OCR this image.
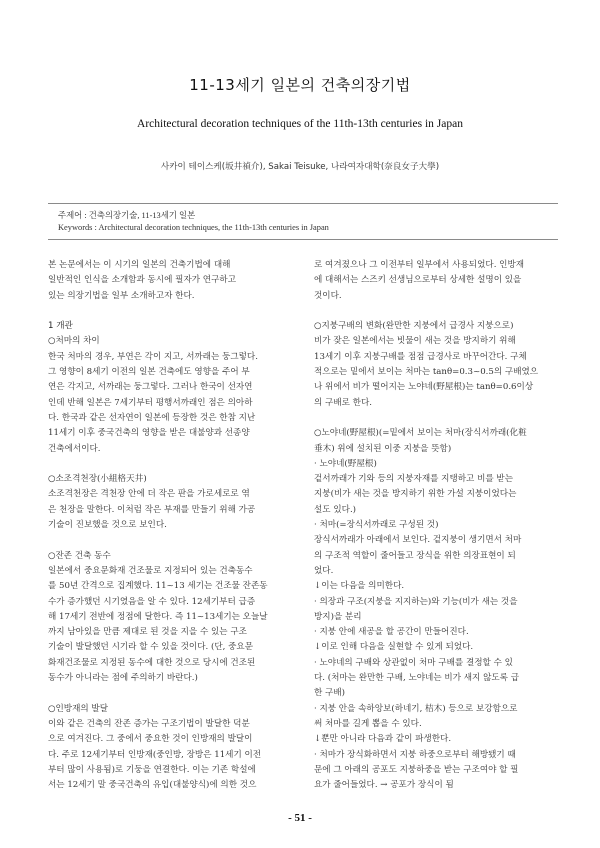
11-13세기 일본의 건축의장기법
Architectural decoration techniques of the 11th-13th centuries in Japan
사카이 테이스케(坂井禎介), Sakai Teisuke, 나라여자대학(奈良女子大學)
주제어 : 건축의장기술, 11-13세기 일본
Keywords : Architectural decoration techniques, the 11th-13th centuries in Japan

본 논문에서는 이 시기의 일본의 건축기법에 대해

일반적인 인식을 소개함과 동시에 필자가 연구하고

있는 의장기법을 일부 소개하고자 한다.

1 개관

○처마의 차이

한국 처마의 경우, 부연은 각이 지고, 서까래는 둥그렇다.

그 영향이 8세기 이전의 일본 건축에도 영향을 주어 부

연은 각지고, 서까래는 둥그렇다. 그러나 한국이 선자연

인데 반해 일본은 7세기부터 평행서까래인 점은 의아하

다. 한국과 같은 선자연이 일본에 등장한 것은 한참 지난

11세기 이후 중국건축의 영향을 받은 대불양과 선종양

건축에서이다.

○소조격천장(小組格天井)

소조격천장은 격천장 안에 더 작은 판을 가로세로로 엮

은 천장을 말한다. 이처럼 작은 부재를 만들기 위해 가공

기술이 진보했을 것으로 보인다.

○잔존 건축 동수

일본에서 중요문화재 건조물로 지정되어 있는 건축동수

를 50년 간격으로 집계했다. 11~13 세기는 건조물 잔존동

수가 증가했던 시기였음을 알 수 있다. 12세기부터 급증

해 17세기 전반에 정점에 달한다. 즉 11~13세기는 오늘날

까지 남아있을 만큼 제대로 된 것을 지을 수 있는 구조

기술이 발달했던 시기라 할 수 있을 것이다. (단, 중요문

화재건조물로 지정된 동수에 대한 것으로 당시에 건조된

동수가 아니라는 점에 주의하기 바란다.)

○인방재의 발달

이와 같은 건축의 잔존 증가는 구조기법이 발달한 덕분

으로 여겨진다. 그 중에서 중요한 것이 인방재의 발달이

다. 주로 12세기부터 인방재(중인방, 장방은 11세기 이전

부터 많이 사용됨)로 기둥을 연결한다. 이는 기존 학설에

서는 12세기 말 중국건축의 유입(대불양식)에 의한 것으

로 여겨졌으나 그 이전부터 일부에서 사용되었다. 인방재

에 대해서는 스즈키 선생님으로부터 상세한 설명이 있을

것이다.

○지붕구배의 변화(완만한 지붕에서 급경사 지붕으로)

비가 잦은 일본에서는 빗물이 새는 것을 방지하기 위해

13세기 이후 지붕구배를 점점 급경사로 바꾸어간다. 구체

적으로는 밑에서 보이는 처마는 tanθ=0.3~0.5의 구배였으

나 위에서 비가 떨어지는 노야네(野屋根)는 tanθ=0.6이상

의 구배로 한다.

○노야네(野屋根)(=밑에서 보이는 처마(장식서까래(化粧

垂木) 위에 설치된 이중 지붕을 뜻함)

· 노야네(野屋根)

겉서까래가 기와 등의 지붕자재를 지탱하고 비를 받는

지붕(비가 새는 것을 방지하기 위한 가설 지붕이었다는

설도 있다.)

· 처마(=장식서까래로 구성된 것)

장식서까래가 아래에서 보인다. 겉지붕이 생기면서 처마

의 구조적 역할이 줄어들고 장식을 위한 의장표현이 되

었다.

↓이는 다음을 의미한다.

· 의장과 구조(지붕을 지지하는)와 기능(비가 새는 것을

방지)을 분리

· 지붕 안에 새공을 할 공간이 만들어진다.

↓이로 인해 다음을 실현할 수 있게 되었다.

· 노야네의 구배와 상관없이 처마 구배를 결정할 수 있

다. (처마는 완만한 구배, 노야네는 비가 새지 않도록 급

한 구배)

· 지붕 안을 속하앙보(하네기, 桔木) 등으로 보강함으로

써 처마를 길게 뽑을 수 있다.

↓뿐만 아니라 다음과 같이 파생한다.

· 처마가 장식화하면서 지붕 하중으로부터 해방됐기 때

문에 그 아래의 공포도 지붕하중을 받는 구조여야 할 필

요가 줄어들었다. → 공포가 장식이 됨

- 51 -
